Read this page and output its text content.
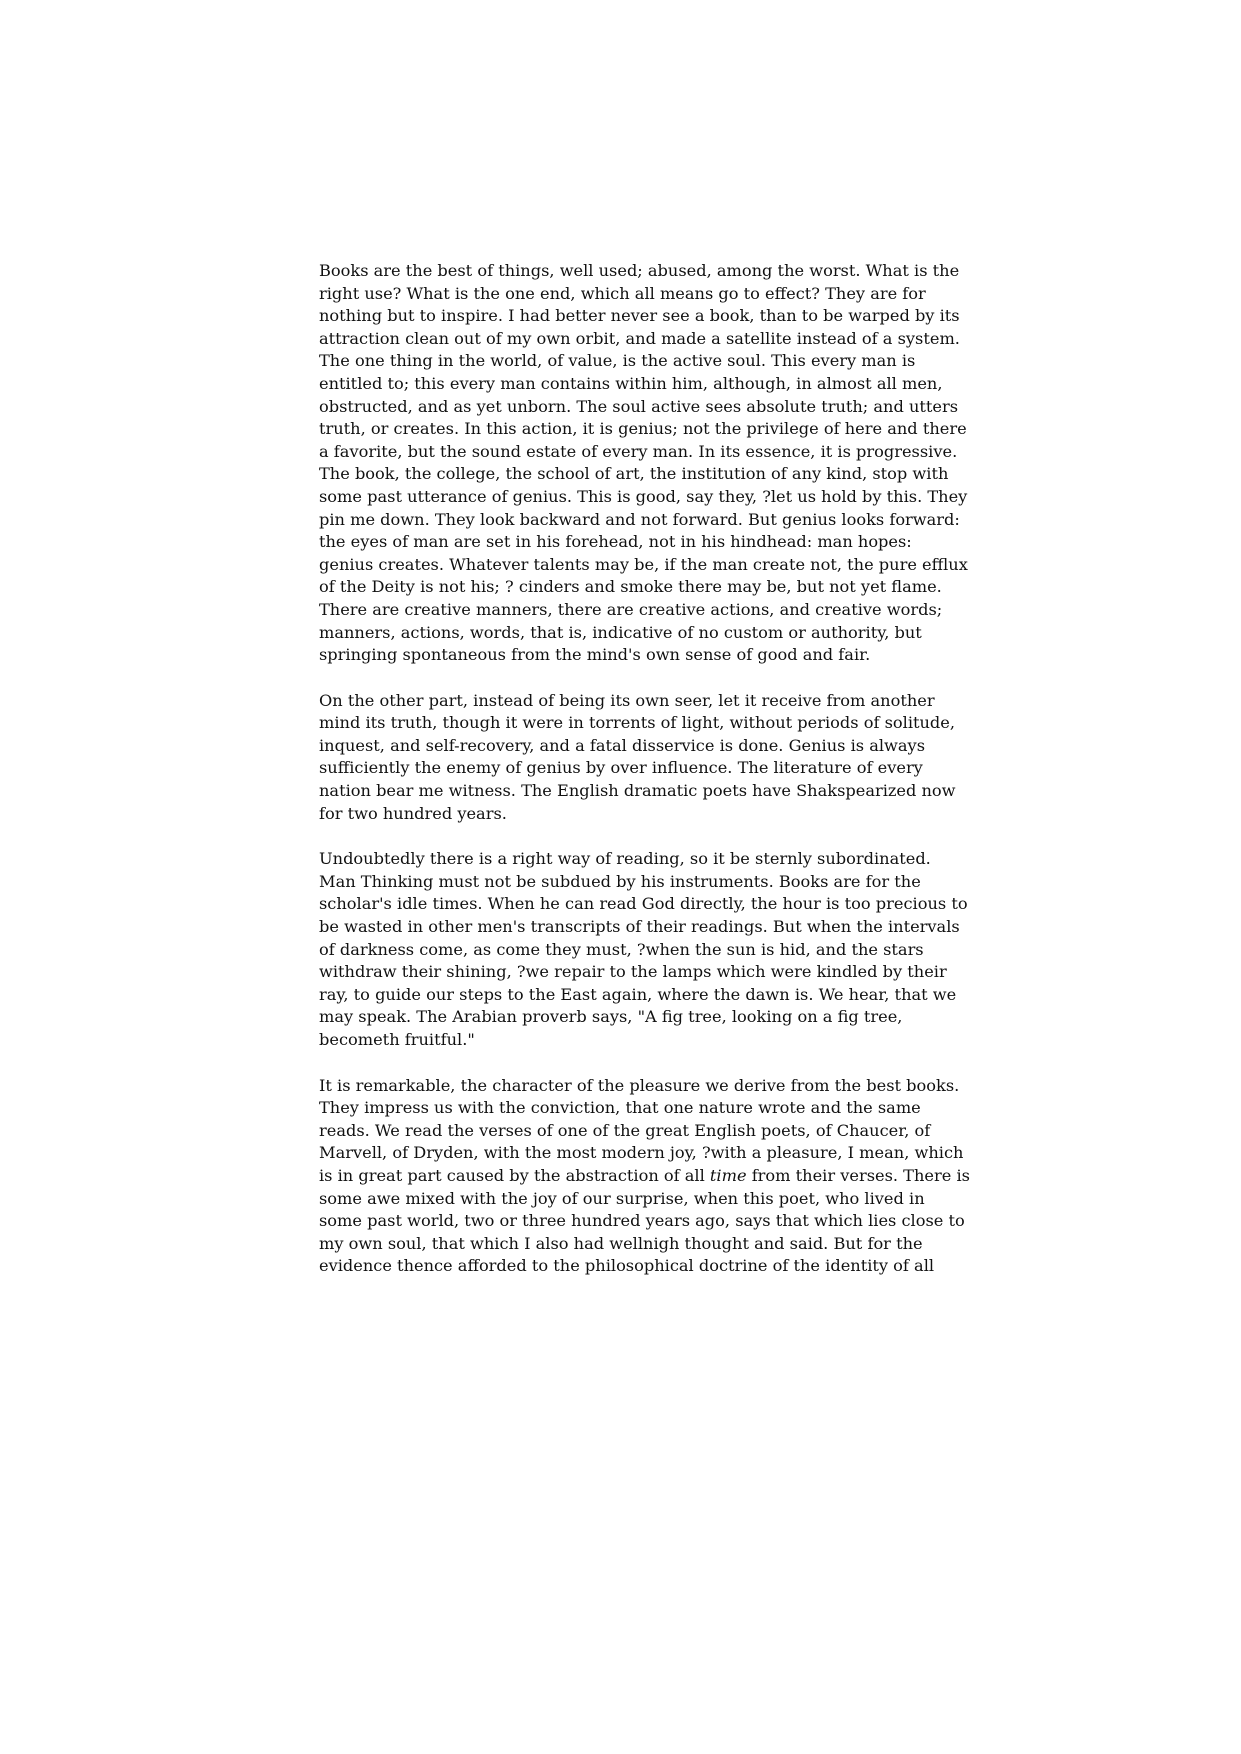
Books are the best of things, well used; abused, among the worst. What is the
right use? What is the one end, which all means go to effect? They are for
nothing but to inspire. I had better never see a book, than to be warped by its
attraction clean out of my own orbit, and made a satellite instead of a system.
The one thing in the world, of value, is the active soul. This every man is
entitled to; this every man contains within him, although, in almost all men,
obstructed, and as yet unborn. The soul active sees absolute truth; and utters
truth, or creates. In this action, it is genius; not the privilege of here and there
a favorite, but the sound estate of every man. In its essence, it is progressive.
The book, the college, the school of art, the institution of any kind, stop with
some past utterance of genius. This is good, say they, ?let us hold by this. They
pin me down. They look backward and not forward. But genius looks forward:
the eyes of man are set in his forehead, not in his hindhead: man hopes:
genius creates. Whatever talents may be, if the man create not, the pure efflux
of the Deity is not his; ? cinders and smoke there may be, but not yet flame.
There are creative manners, there are creative actions, and creative words;
manners, actions, words, that is, indicative of no custom or authority, but
springing spontaneous from the mind's own sense of good and fair.

On the other part, instead of being its own seer, let it receive from another
mind its truth, though it were in torrents of light, without periods of solitude,
inquest, and self-recovery, and a fatal disservice is done. Genius is always
sufficiently the enemy of genius by over influence. The literature of every
nation bear me witness. The English dramatic poets have Shakspearized now
for two hundred years.

Undoubtedly there is a right way of reading, so it be sternly subordinated.
Man Thinking must not be subdued by his instruments. Books are for the
scholar's idle times. When he can read God directly, the hour is too precious to
be wasted in other men's transcripts of their readings. But when the intervals
of darkness come, as come they must, ?when the sun is hid, and the stars
withdraw their shining, ?we repair to the lamps which were kindled by their
ray, to guide our steps to the East again, where the dawn is. We hear, that we
may speak. The Arabian proverb says, "A fig tree, looking on a fig tree,
becometh fruitful."

It is remarkable, the character of the pleasure we derive from the best books.
They impress us with the conviction, that one nature wrote and the same
reads. We read the verses of one of the great English poets, of Chaucer, of
Marvell, of Dryden, with the most modern joy, ?with a pleasure, I mean, which
is in great part caused by the abstraction of all time from their verses. There is
some awe mixed with the joy of our surprise, when this poet, who lived in
some past world, two or three hundred years ago, says that which lies close to
my own soul, that which I also had wellnigh thought and said. But for the
evidence thence afforded to the philosophical doctrine of the identity of all
